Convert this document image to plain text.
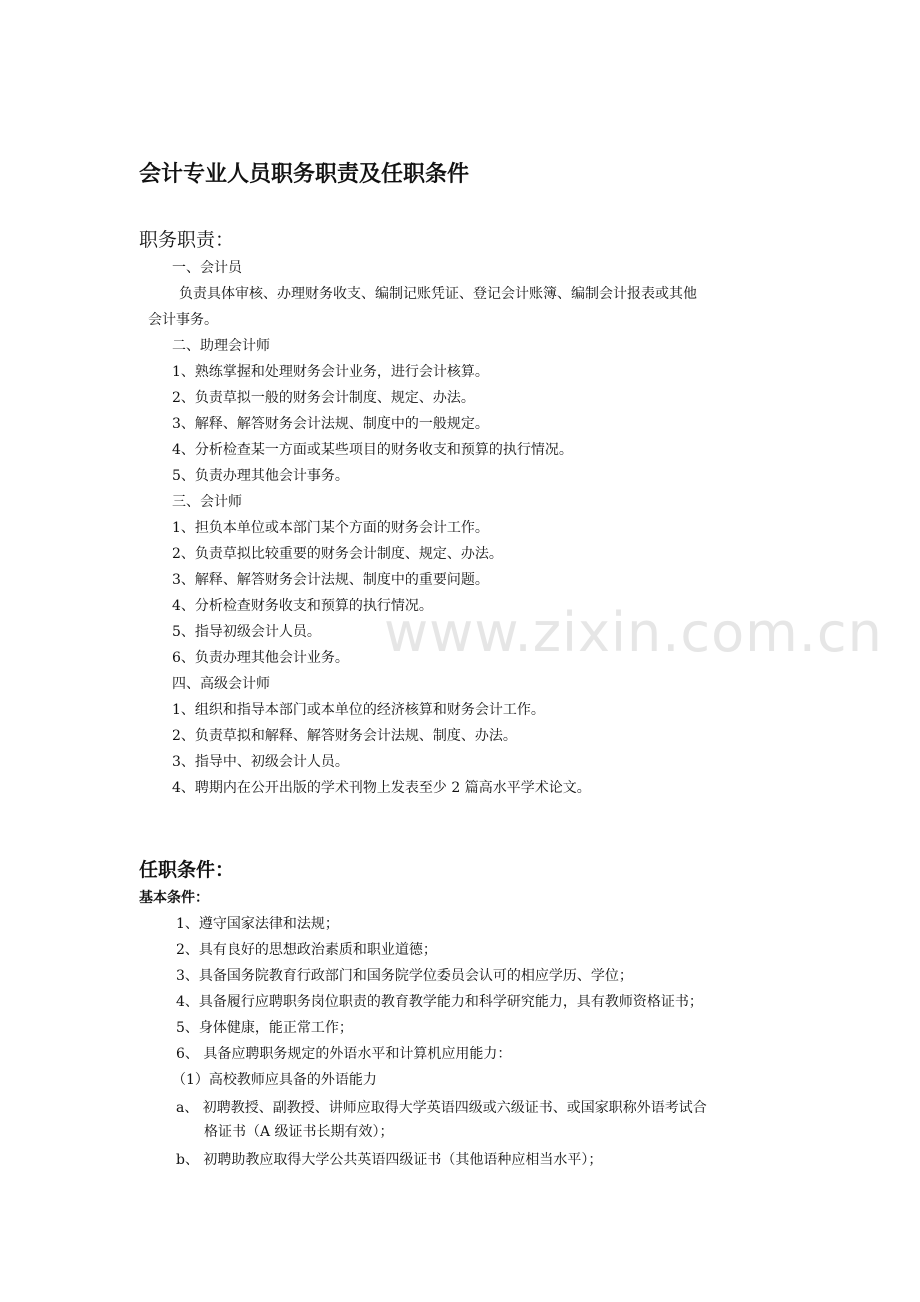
www.zixin.com.cn
会计专业人员职务职责及任职条件
职务职责：
一、会计员
负责具体审核、办理财务收支、编制记账凭证、登记会计账簿、编制会计报表或其他
会计事务。
二、助理会计师
1、熟练掌握和处理财务会计业务，进行会计核算。
2、负责草拟一般的财务会计制度、规定、办法。
3、解释、解答财务会计法规、制度中的一般规定。
4、分析检查某一方面或某些项目的财务收支和预算的执行情况。
5、负责办理其他会计事务。
三、会计师
1、担负本单位或本部门某个方面的财务会计工作。
2、负责草拟比较重要的财务会计制度、规定、办法。
3、解释、解答财务会计法规、制度中的重要问题。
4、分析检查财务收支和预算的执行情况。
5、指导初级会计人员。
6、负责办理其他会计业务。
四、高级会计师
1、组织和指导本部门或本单位的经济核算和财务会计工作。
2、负责草拟和解释、解答财务会计法规、制度、办法。
3、指导中、初级会计人员。
4、聘期内在公开出版的学术刊物上发表至少 2 篇高水平学术论文。
任职条件：
基本条件：
1、遵守国家法律和法规；
2、具有良好的思想政治素质和职业道德；
3、具备国务院教育行政部门和国务院学位委员会认可的相应学历、学位；
4、具备履行应聘职务岗位职责的教育教学能力和科学研究能力，具有教师资格证书；
5、身体健康，能正常工作；
6、 具备应聘职务规定的外语水平和计算机应用能力：
（1）高校教师应具备的外语能力
a、 初聘教授、副教授、讲师应取得大学英语四级或六级证书、或国家职称外语考试合
格证书（A 级证书长期有效）；
b、 初聘助教应取得大学公共英语四级证书（其他语种应相当水平）；
